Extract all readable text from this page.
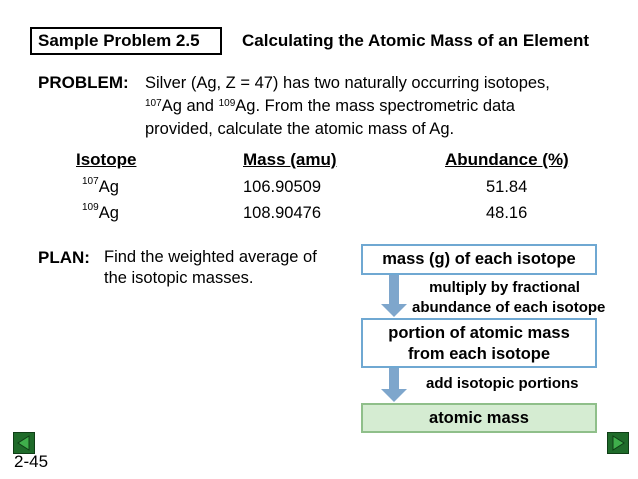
Sample Problem 2.5	Calculating the Atomic Mass of an Element
PROBLEM: Silver (Ag, Z = 47) has two naturally occurring isotopes,
$^{107}$Ag and $^{109}$Ag. From the mass spectrometric data
provided, calculate the atomic mass of Ag.
Isotope	Mass (amu)	Abundance (%)
$^{107}$Ag	106.90509	51.84
$^{109}$Ag	108.90476	48.16
PLAN: Find the weighted average of
the isotopic masses.
mass (g) of each isotope
multiply by fractional
abundance of each isotope
portion of atomic mass
from each isotope
add isotopic portions
atomic mass
2-45
